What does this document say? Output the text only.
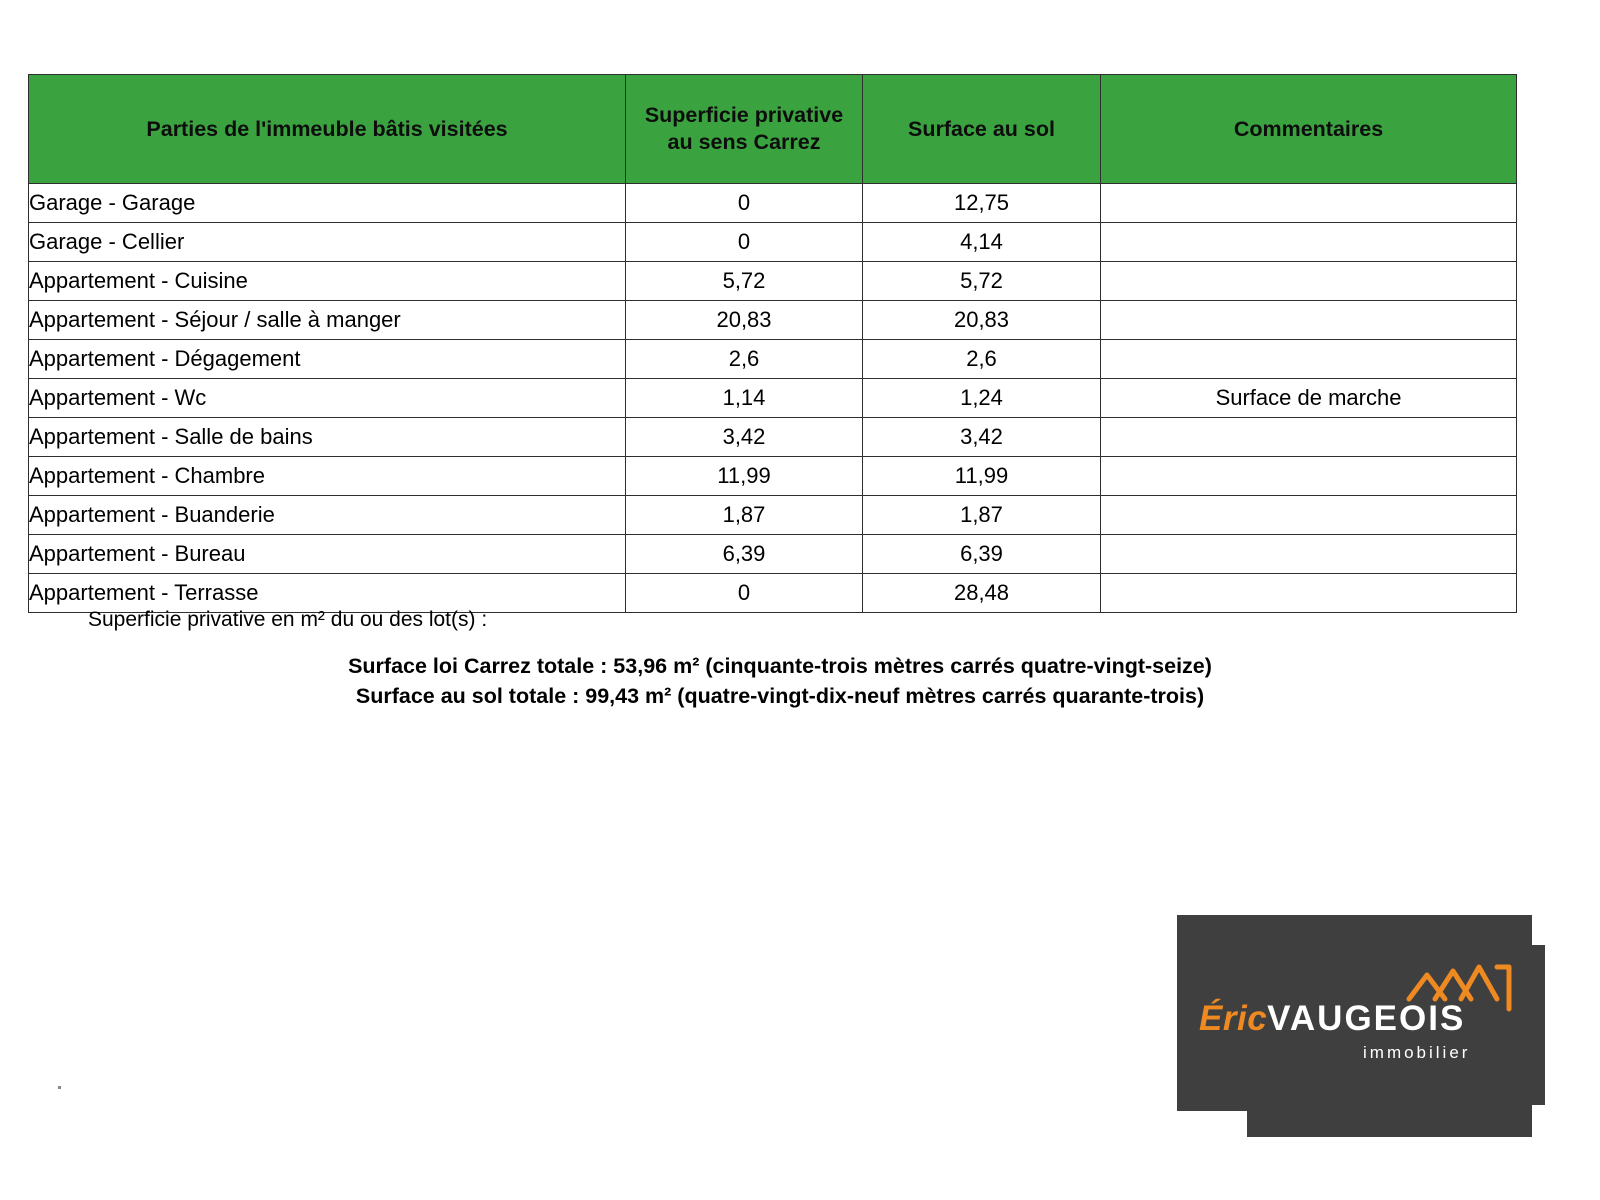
Parties de l'immeuble bâtis visitées	Superficie privative au sens Carrez	Surface au sol	Commentaires
Garage - Garage	0	12,75	
Garage - Cellier	0	4,14	
Appartement - Cuisine	5,72	5,72	
Appartement - Séjour / salle à manger	20,83	20,83	
Appartement - Dégagement	2,6	2,6	
Appartement - Wc	1,14	1,24	Surface de marche
Appartement - Salle de bains	3,42	3,42	
Appartement - Chambre	11,99	11,99	
Appartement - Buanderie	1,87	1,87	
Appartement - Bureau	6,39	6,39	
Appartement - Terrasse	0	28,48	
Superficie privative en m² du ou des lot(s) :
Surface loi Carrez totale : 53,96 m² (cinquante-trois mètres carrés quatre-vingt-seize)
Surface au sol totale : 99,43 m² (quatre-vingt-dix-neuf mètres carrés quarante-trois)
ÉricVAUGEOIS
immobilier
